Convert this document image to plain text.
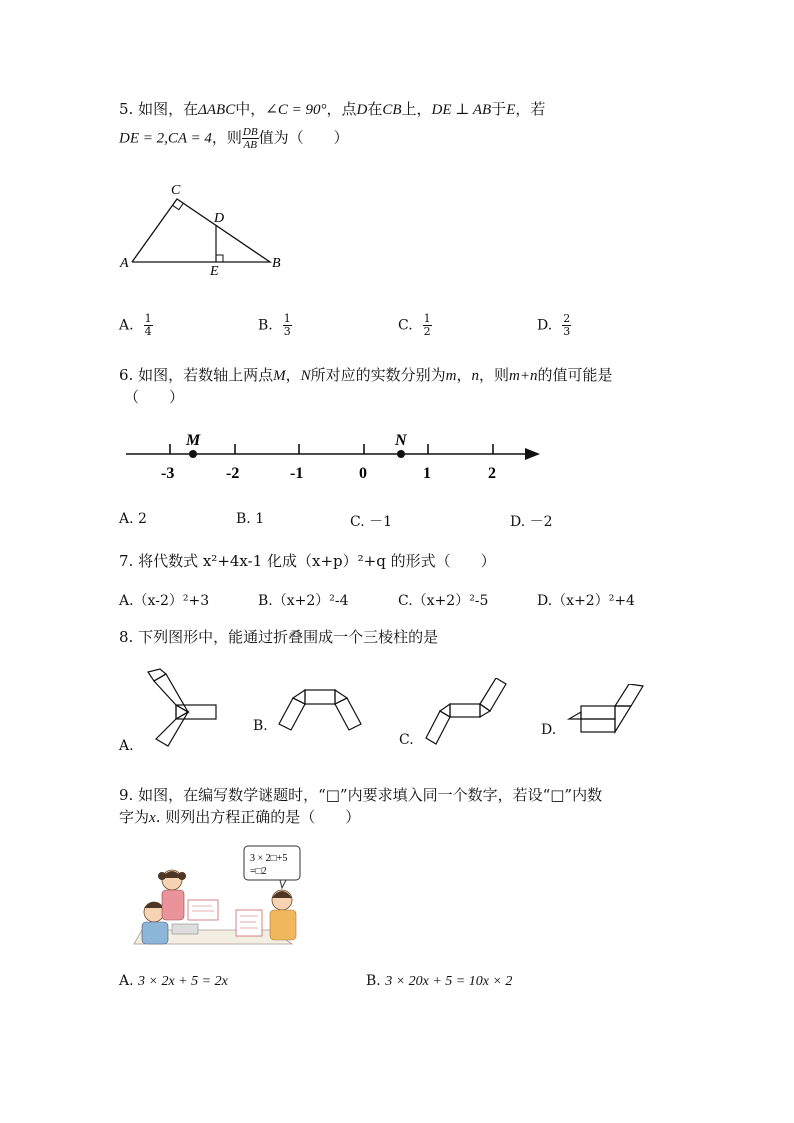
5. 如图，在ΔABC中，∠C = 90°，点D在CB上，DE ⊥ AB于E，若
DE = 2,CA = 4，则 $\frac{DB}{AB}$ 值为（　　）
C
D
A	B
E
A. $\frac{1}{4}$	B. $\frac{1}{3}$	C. $\frac{1}{2}$	D. $\frac{2}{3}$
6. 如图，若数轴上两点M，N所对应的实数分别为m，n，则m+n的值可能是
（　　）
M	N
-3	-2	-1	0	1	2
A. 2	B. 1	C. －1	D. －2
7. 将代数式 x²+4x-1 化成（x+p）²+q 的形式（　　）
A.（x-2）²+3	B.（x+2）²-4	C.（x+2）²-5	D.（x+2）²+4
8. 下列图形中，能通过折叠围成一个三棱柱的是
A.
B.
C.
D.
9. 如图，在编写数学谜题时，“□”内要求填入同一个数字，若设“□”内数
字为x. 则列出方程正确的是（　　）
3 × 2□+5
=□2
A. 3 × 2x + 5 = 2x	B. 3 × 20x + 5 = 10x × 2
